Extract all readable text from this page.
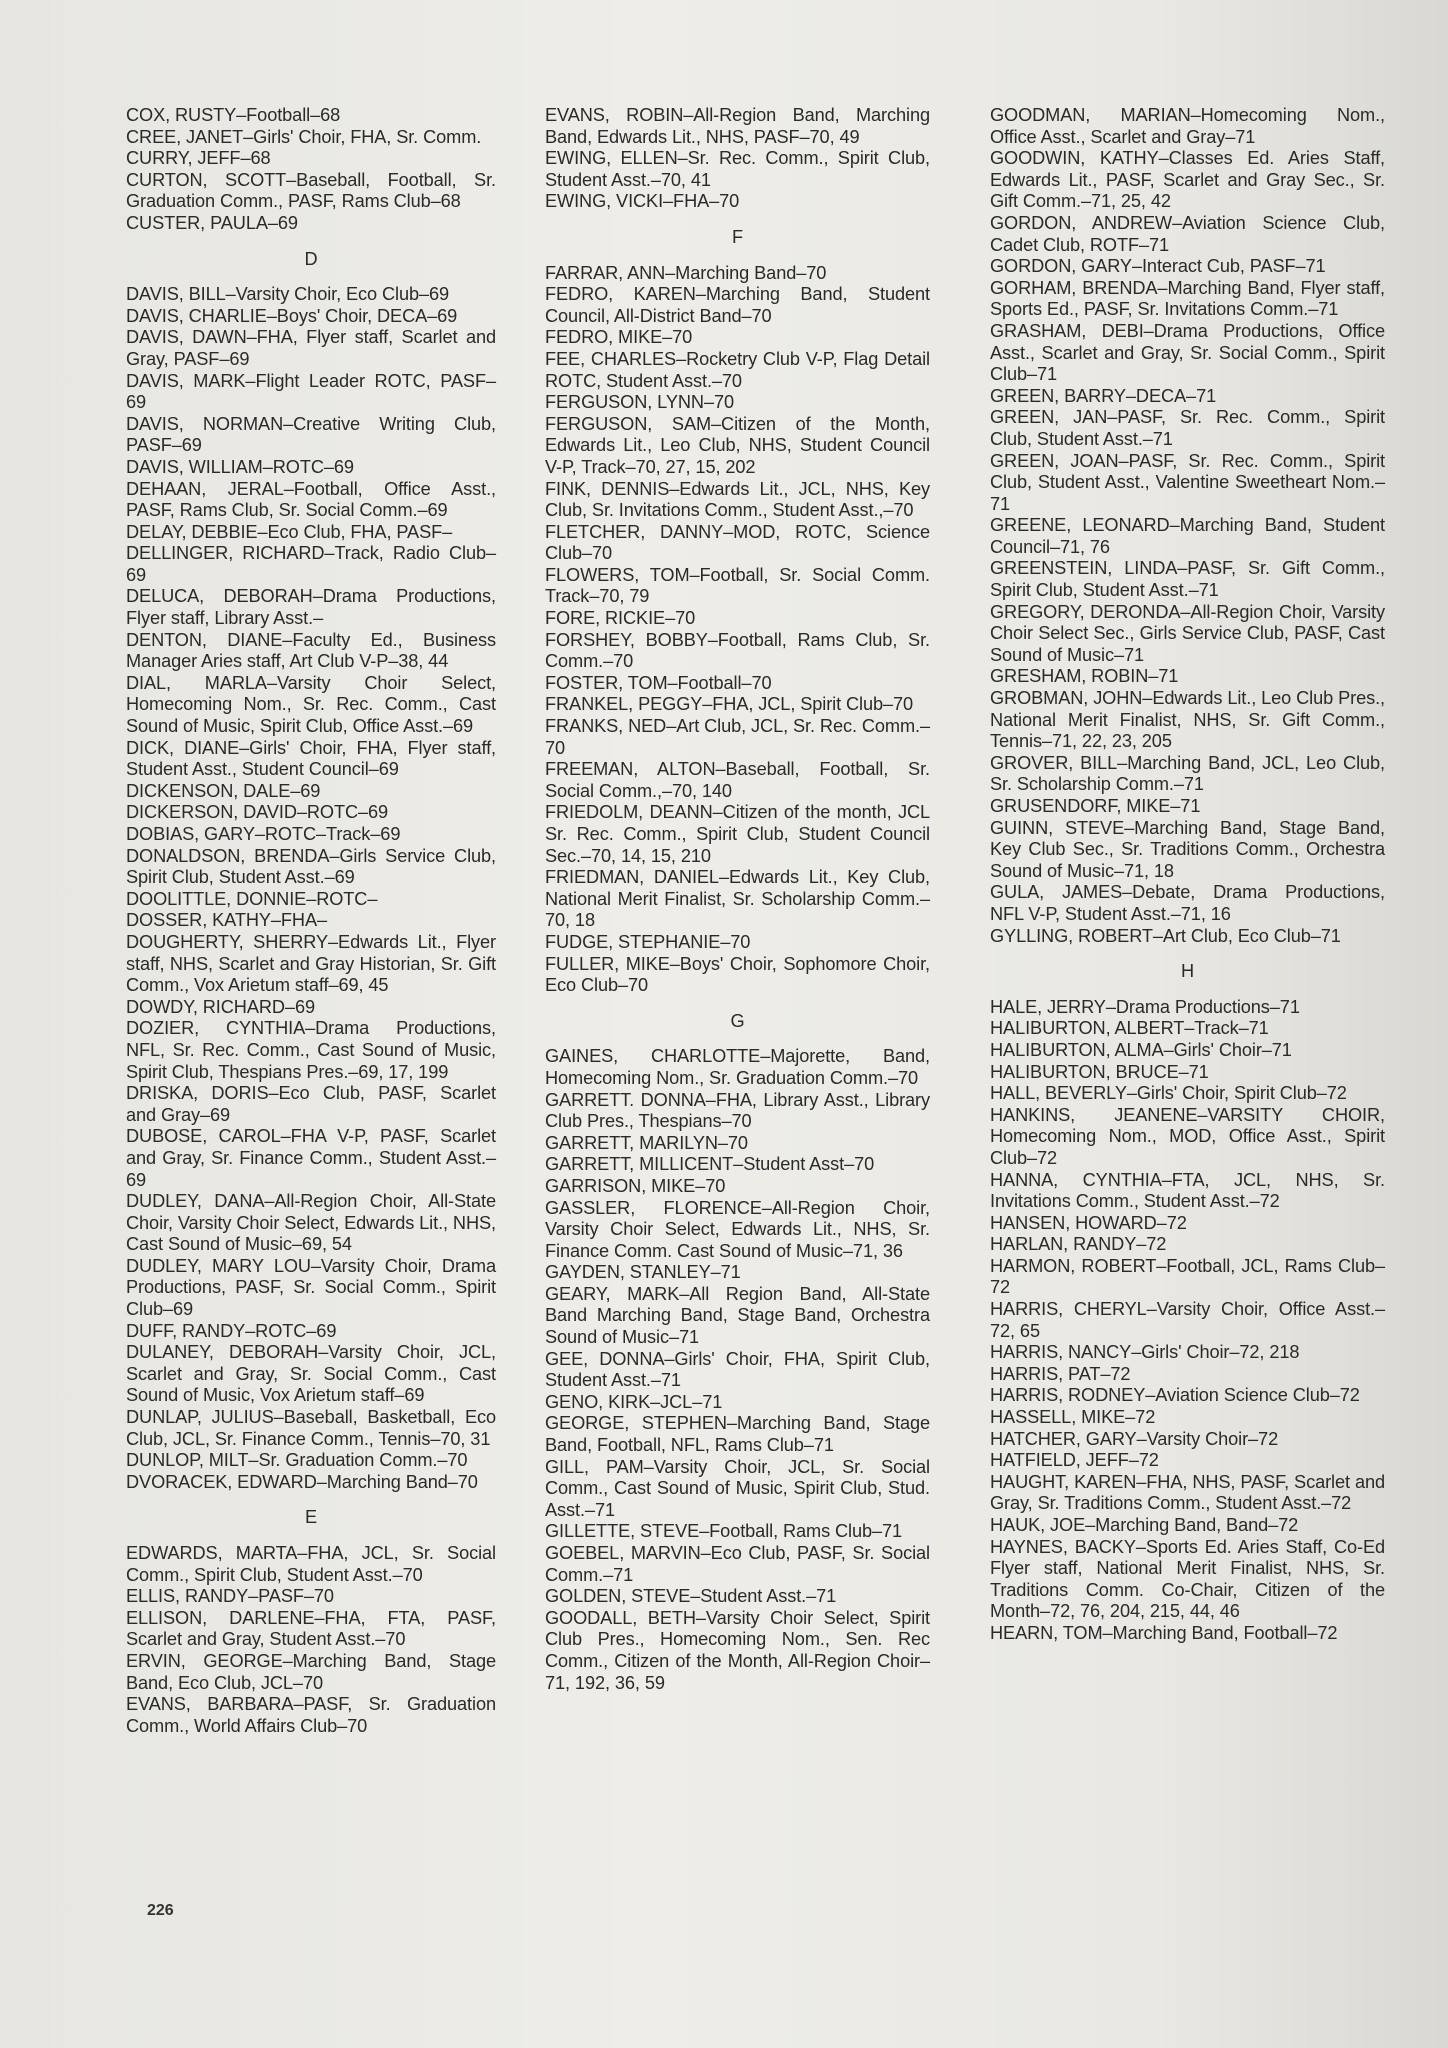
COX, RUSTY–Football–68
CREE, JANET–Girls' Choir, FHA, Sr. Comm.
CURRY, JEFF–68
CURTON, SCOTT–Baseball, Football, Sr. Graduation Comm., PASF, Rams Club–68
CUSTER, PAULA–69
D
DAVIS, BILL–Varsity Choir, Eco Club–69
DAVIS, CHARLIE–Boys' Choir, DECA–69
DAVIS, DAWN–FHA, Flyer staff, Scarlet and Gray, PASF–69
DAVIS, MARK–Flight Leader ROTC, PASF–69
DAVIS, NORMAN–Creative Writing Club, PASF–69
DAVIS, WILLIAM–ROTC–69
DEHAAN, JERAL–Football, Office Asst., PASF, Rams Club, Sr. Social Comm.–69
DELAY, DEBBIE–Eco Club, FHA, PASF–
DELLINGER, RICHARD–Track, Radio Club–69
DELUCA, DEBORAH–Drama Productions, Flyer staff, Library Asst.–
DENTON, DIANE–Faculty Ed., Business Manager Aries staff, Art Club V-P–38, 44
DIAL, MARLA–Varsity Choir Select, Homecoming Nom., Sr. Rec. Comm., Cast Sound of Music, Spirit Club, Office Asst.–69
DICK, DIANE–Girls' Choir, FHA, Flyer staff, Student Asst., Student Council–69
DICKENSON, DALE–69
DICKERSON, DAVID–ROTC–69
DOBIAS, GARY–ROTC–Track–69
DONALDSON, BRENDA–Girls Service Club, Spirit Club, Student Asst.–69
DOOLITTLE, DONNIE–ROTC–
DOSSER, KATHY–FHA–
DOUGHERTY, SHERRY–Edwards Lit., Flyer staff, NHS, Scarlet and Gray Historian, Sr. Gift Comm., Vox Arietum staff–69, 45
DOWDY, RICHARD–69
DOZIER, CYNTHIA–Drama Productions, NFL, Sr. Rec. Comm., Cast Sound of Music, Spirit Club, Thespians Pres.–69, 17, 199
DRISKA, DORIS–Eco Club, PASF, Scarlet and Gray–69
DUBOSE, CAROL–FHA V-P, PASF, Scarlet and Gray, Sr. Finance Comm., Student Asst.–69
DUDLEY, DANA–All-Region Choir, All-State Choir, Varsity Choir Select, Edwards Lit., NHS, Cast Sound of Music–69, 54
DUDLEY, MARY LOU–Varsity Choir, Drama Productions, PASF, Sr. Social Comm., Spirit Club–69
DUFF, RANDY–ROTC–69
DULANEY, DEBORAH–Varsity Choir, JCL, Scarlet and Gray, Sr. Social Comm., Cast Sound of Music, Vox Arietum staff–69
DUNLAP, JULIUS–Baseball, Basketball, Eco Club, JCL, Sr. Finance Comm., Tennis–70, 31
DUNLOP, MILT–Sr. Graduation Comm.–70
DVORACEK, EDWARD–Marching Band–70
E
EDWARDS, MARTA–FHA, JCL, Sr. Social Comm., Spirit Club, Student Asst.–70
ELLIS, RANDY–PASF–70
ELLISON, DARLENE–FHA, FTA, PASF, Scarlet and Gray, Student Asst.–70
ERVIN, GEORGE–Marching Band, Stage Band, Eco Club, JCL–70
EVANS, BARBARA–PASF, Sr. Graduation Comm., World Affairs Club–70
EVANS, ROBIN–All-Region Band, Marching Band, Edwards Lit., NHS, PASF–70, 49
EWING, ELLEN–Sr. Rec. Comm., Spirit Club, Student Asst.–70, 41
EWING, VICKI–FHA–70
F
FARRAR, ANN–Marching Band–70
FEDRO, KAREN–Marching Band, Student Council, All-District Band–70
FEDRO, MIKE–70
FEE, CHARLES–Rocketry Club V-P, Flag Detail ROTC, Student Asst.–70
FERGUSON, LYNN–70
FERGUSON, SAM–Citizen of the Month, Edwards Lit., Leo Club, NHS, Student Council V-P, Track–70, 27, 15, 202
FINK, DENNIS–Edwards Lit., JCL, NHS, Key Club, Sr. Invitations Comm., Student Asst.,–70
FLETCHER, DANNY–MOD, ROTC, Science Club–70
FLOWERS, TOM–Football, Sr. Social Comm. Track–70, 79
FORE, RICKIE–70
FORSHEY, BOBBY–Football, Rams Club, Sr. Comm.–70
FOSTER, TOM–Football–70
FRANKEL, PEGGY–FHA, JCL, Spirit Club–70
FRANKS, NED–Art Club, JCL, Sr. Rec. Comm.–70
FREEMAN, ALTON–Baseball, Football, Sr. Social Comm.,–70, 140
FRIEDOLM, DEANN–Citizen of the month, JCL Sr. Rec. Comm., Spirit Club, Student Council Sec.–70, 14, 15, 210
FRIEDMAN, DANIEL–Edwards Lit., Key Club, National Merit Finalist, Sr. Scholarship Comm.–70, 18
FUDGE, STEPHANIE–70
FULLER, MIKE–Boys' Choir, Sophomore Choir, Eco Club–70
G
GAINES, CHARLOTTE–Majorette, Band, Homecoming Nom., Sr. Graduation Comm.–70
GARRETT. DONNA–FHA, Library Asst., Library Club Pres., Thespians–70
GARRETT, MARILYN–70
GARRETT, MILLICENT–Student Asst–70
GARRISON, MIKE–70
GASSLER, FLORENCE–All-Region Choir, Varsity Choir Select, Edwards Lit., NHS, Sr. Finance Comm. Cast Sound of Music–71, 36
GAYDEN, STANLEY–71
GEARY, MARK–All Region Band, All-State Band Marching Band, Stage Band, Orchestra Sound of Music–71
GEE, DONNA–Girls' Choir, FHA, Spirit Club, Student Asst.–71
GENO, KIRK–JCL–71
GEORGE, STEPHEN–Marching Band, Stage Band, Football, NFL, Rams Club–71
GILL, PAM–Varsity Choir, JCL, Sr. Social Comm., Cast Sound of Music, Spirit Club, Stud. Asst.–71
GILLETTE, STEVE–Football, Rams Club–71
GOEBEL, MARVIN–Eco Club, PASF, Sr. Social Comm.–71
GOLDEN, STEVE–Student Asst.–71
GOODALL, BETH–Varsity Choir Select, Spirit Club Pres., Homecoming Nom., Sen. Rec Comm., Citizen of the Month, All-Region Choir–71, 192, 36, 59
GOODMAN, MARIAN–Homecoming Nom., Office Asst., Scarlet and Gray–71
GOODWIN, KATHY–Classes Ed. Aries Staff, Edwards Lit., PASF, Scarlet and Gray Sec., Sr. Gift Comm.–71, 25, 42
GORDON, ANDREW–Aviation Science Club, Cadet Club, ROTF–71
GORDON, GARY–Interact Cub, PASF–71
GORHAM, BRENDA–Marching Band, Flyer staff, Sports Ed., PASF, Sr. Invitations Comm.–71
GRASHAM, DEBI–Drama Productions, Office Asst., Scarlet and Gray, Sr. Social Comm., Spirit Club–71
GREEN, BARRY–DECA–71
GREEN, JAN–PASF, Sr. Rec. Comm., Spirit Club, Student Asst.–71
GREEN, JOAN–PASF, Sr. Rec. Comm., Spirit Club, Student Asst., Valentine Sweetheart Nom.–71
GREENE, LEONARD–Marching Band, Student Council–71, 76
GREENSTEIN, LINDA–PASF, Sr. Gift Comm., Spirit Club, Student Asst.–71
GREGORY, DERONDA–All-Region Choir, Varsity Choir Select Sec., Girls Service Club, PASF, Cast Sound of Music–71
GRESHAM, ROBIN–71
GROBMAN, JOHN–Edwards Lit., Leo Club Pres., National Merit Finalist, NHS, Sr. Gift Comm., Tennis–71, 22, 23, 205
GROVER, BILL–Marching Band, JCL, Leo Club, Sr. Scholarship Comm.–71
GRUSENDORF, MIKE–71
GUINN, STEVE–Marching Band, Stage Band, Key Club Sec., Sr. Traditions Comm., Orchestra Sound of Music–71, 18
GULA, JAMES–Debate, Drama Productions, NFL V-P, Student Asst.–71, 16
GYLLING, ROBERT–Art Club, Eco Club–71
H
HALE, JERRY–Drama Productions–71
HALIBURTON, ALBERT–Track–71
HALIBURTON, ALMA–Girls' Choir–71
HALIBURTON, BRUCE–71
HALL, BEVERLY–Girls' Choir, Spirit Club–72
HANKINS, JEANENE–VARSITY CHOIR, Homecoming Nom., MOD, Office Asst., Spirit Club–72
HANNA, CYNTHIA–FTA, JCL, NHS, Sr. Invitations Comm., Student Asst.–72
HANSEN, HOWARD–72
HARLAN, RANDY–72
HARMON, ROBERT–Football, JCL, Rams Club–72
HARRIS, CHERYL–Varsity Choir, Office Asst.–72, 65
HARRIS, NANCY–Girls' Choir–72, 218
HARRIS, PAT–72
HARRIS, RODNEY–Aviation Science Club–72
HASSELL, MIKE–72
HATCHER, GARY–Varsity Choir–72
HATFIELD, JEFF–72
HAUGHT, KAREN–FHA, NHS, PASF, Scarlet and Gray, Sr. Traditions Comm., Student Asst.–72
HAUK, JOE–Marching Band, Band–72
HAYNES, BACKY–Sports Ed. Aries Staff, Co-Ed Flyer staff, National Merit Finalist, NHS, Sr. Traditions Comm. Co-Chair, Citizen of the Month–72, 76, 204, 215, 44, 46
HEARN, TOM–Marching Band, Football–72
226
